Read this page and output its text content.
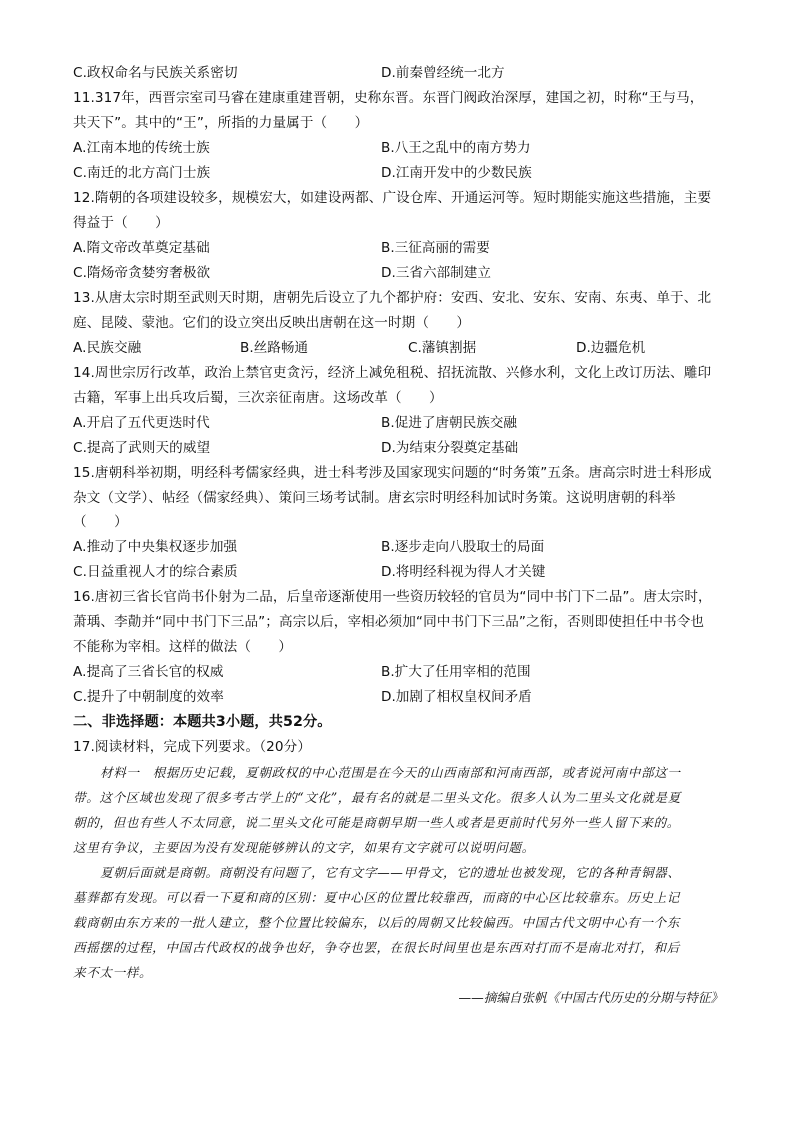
C.政权命名与民族关系密切	D.前秦曾经统一北方
11.317年，西晋宗室司马睿在建康重建晋朝，史称东晋。东晋门阀政治深厚，建国之初，时称“王与马，
共天下”。其中的“王”，所指的力量属于（　　）
A.江南本地的传统士族	B.八王之乱中的南方势力
C.南迁的北方高门士族	D.江南开发中的少数民族
12.隋朝的各项建设较多，规模宏大，如建设两都、广设仓库、开通运河等。短时期能实施这些措施，主要
得益于（　　）
A.隋文帝改革奠定基础	B.三征高丽的需要
C.隋炀帝贪婪穷奢极欲	D.三省六部制建立
13.从唐太宗时期至武则天时期，唐朝先后设立了九个都护府：安西、安北、安东、安南、东夷、单于、北
庭、昆陵、蒙池。它们的设立突出反映出唐朝在这一时期（　　）
A.民族交融	B.丝路畅通	C.藩镇割据	D.边疆危机
14.周世宗厉行改革，政治上禁官吏贪污，经济上减免租税、招抚流散、兴修水利，文化上改订历法、雕印
古籍，军事上出兵攻后蜀，三次亲征南唐。这场改革（　　）
A.开启了五代更迭时代	B.促进了唐朝民族交融
C.提高了武则天的威望	D.为结束分裂奠定基础
15.唐朝科举初期，明经科考儒家经典，进士科考涉及国家现实问题的“时务策”五条。唐高宗时进士科形成
杂文（文学）、帖经（儒家经典）、策问三场考试制。唐玄宗时明经科加试时务策。这说明唐朝的科举
（　　）
A.推动了中央集权逐步加强	B.逐步走向八股取士的局面
C.日益重视人才的综合素质	D.将明经科视为得人才关键
16.唐初三省长官尚书仆射为二品，后皇帝逐渐使用一些资历较轻的官员为“同中书门下二品”。唐太宗时，
萧瑀、李勣并“同中书门下三品”；高宗以后，宰相必须加“同中书门下三品”之衔，否则即使担任中书令也
不能称为宰相。这样的做法（　　）
A.提高了三省长官的权威	B.扩大了任用宰相的范围
C.提升了中朝制度的效率	D.加剧了相权皇权间矛盾
二、非选择题：本题共3小题，共52分。
17.阅读材料，完成下列要求。（20分）
材料一　根据历史记载，夏朝政权的中心范围是在今天的山西南部和河南西部，或者说河南中部这一
带。这个区域也发现了很多考古学上的“文化”，最有名的就是二里头文化。很多人认为二里头文化就是夏
朝的，但也有些人不太同意，说二里头文化可能是商朝早期一些人或者是更前时代另外一些人留下来的。
这里有争议，主要因为没有发现能够辨认的文字，如果有文字就可以说明问题。
夏朝后面就是商朝。商朝没有问题了，它有文字——甲骨文，它的遗址也被发现，它的各种青铜器、
墓葬都有发现。可以看一下夏和商的区别：夏中心区的位置比较靠西，而商的中心区比较靠东。历史上记
载商朝由东方来的一批人建立，整个位置比较偏东，以后的周朝又比较偏西。中国古代文明中心有一个东
西摇摆的过程，中国古代政权的战争也好，争夺也罢，在很长时间里也是东西对打而不是南北对打，和后
来不太一样。
——摘编自张帆《中国古代历史的分期与特征》
